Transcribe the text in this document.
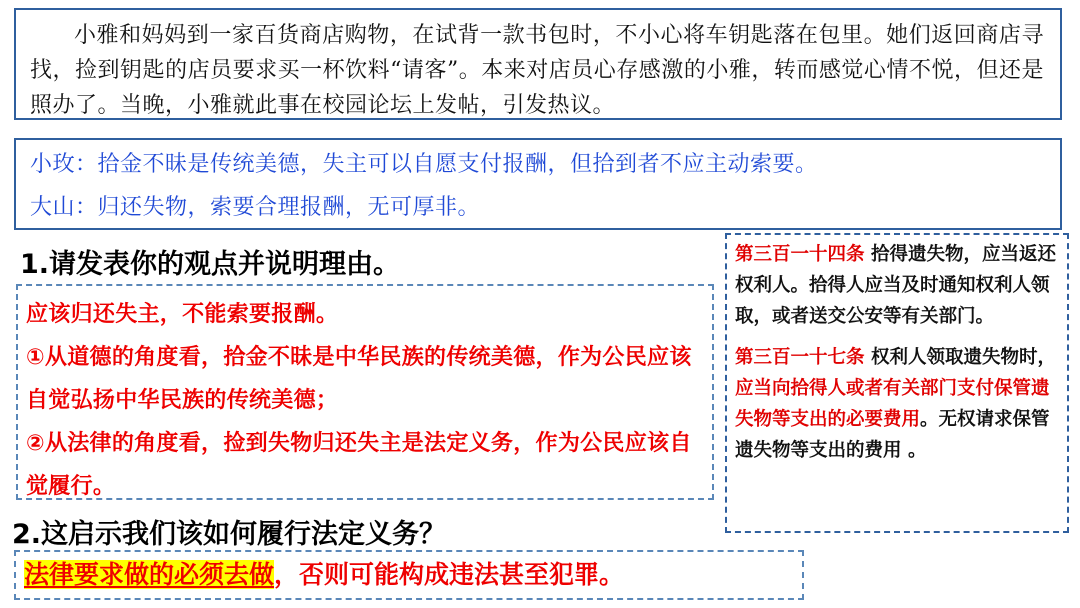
小雅和妈妈到一家百货商店购物，在试背一款书包时，不小心将车钥匙落在包里。她们返回商店寻找，捡到钥匙的店员要求买一杯饮料“请客”。本来对店员心存感激的小雅，转而感觉心情不悦，但还是照办了。当晚，小雅就此事在校园论坛上发帖，引发热议。
小玫：拾金不昧是传统美德，失主可以自愿支付报酬，但拾到者不应主动索要。
大山：归还失物，索要合理报酬，无可厚非。
1.请发表你的观点并说明理由。
应该归还失主，不能索要报酬。
①从道德的角度看，拾金不昧是中华民族的传统美德，作为公民应该自觉弘扬中华民族的传统美德；
②从法律的角度看，捡到失物归还失主是法定义务，作为公民应该自觉履行。

第三百一十四条 拾得遗失物，应当返还权利人。拾得人应当及时通知权利人领取，或者送交公安等有关部门。

第三百一十七条 权利人领取遗失物时，应当向拾得人或者有关部门支付保管遗失物等支出的必要费用。无权请求保管遗失物等支出的费用 。

2.这启示我们该如何履行法定义务？
法律要求做的必须去做，否则可能构成违法甚至犯罪。
